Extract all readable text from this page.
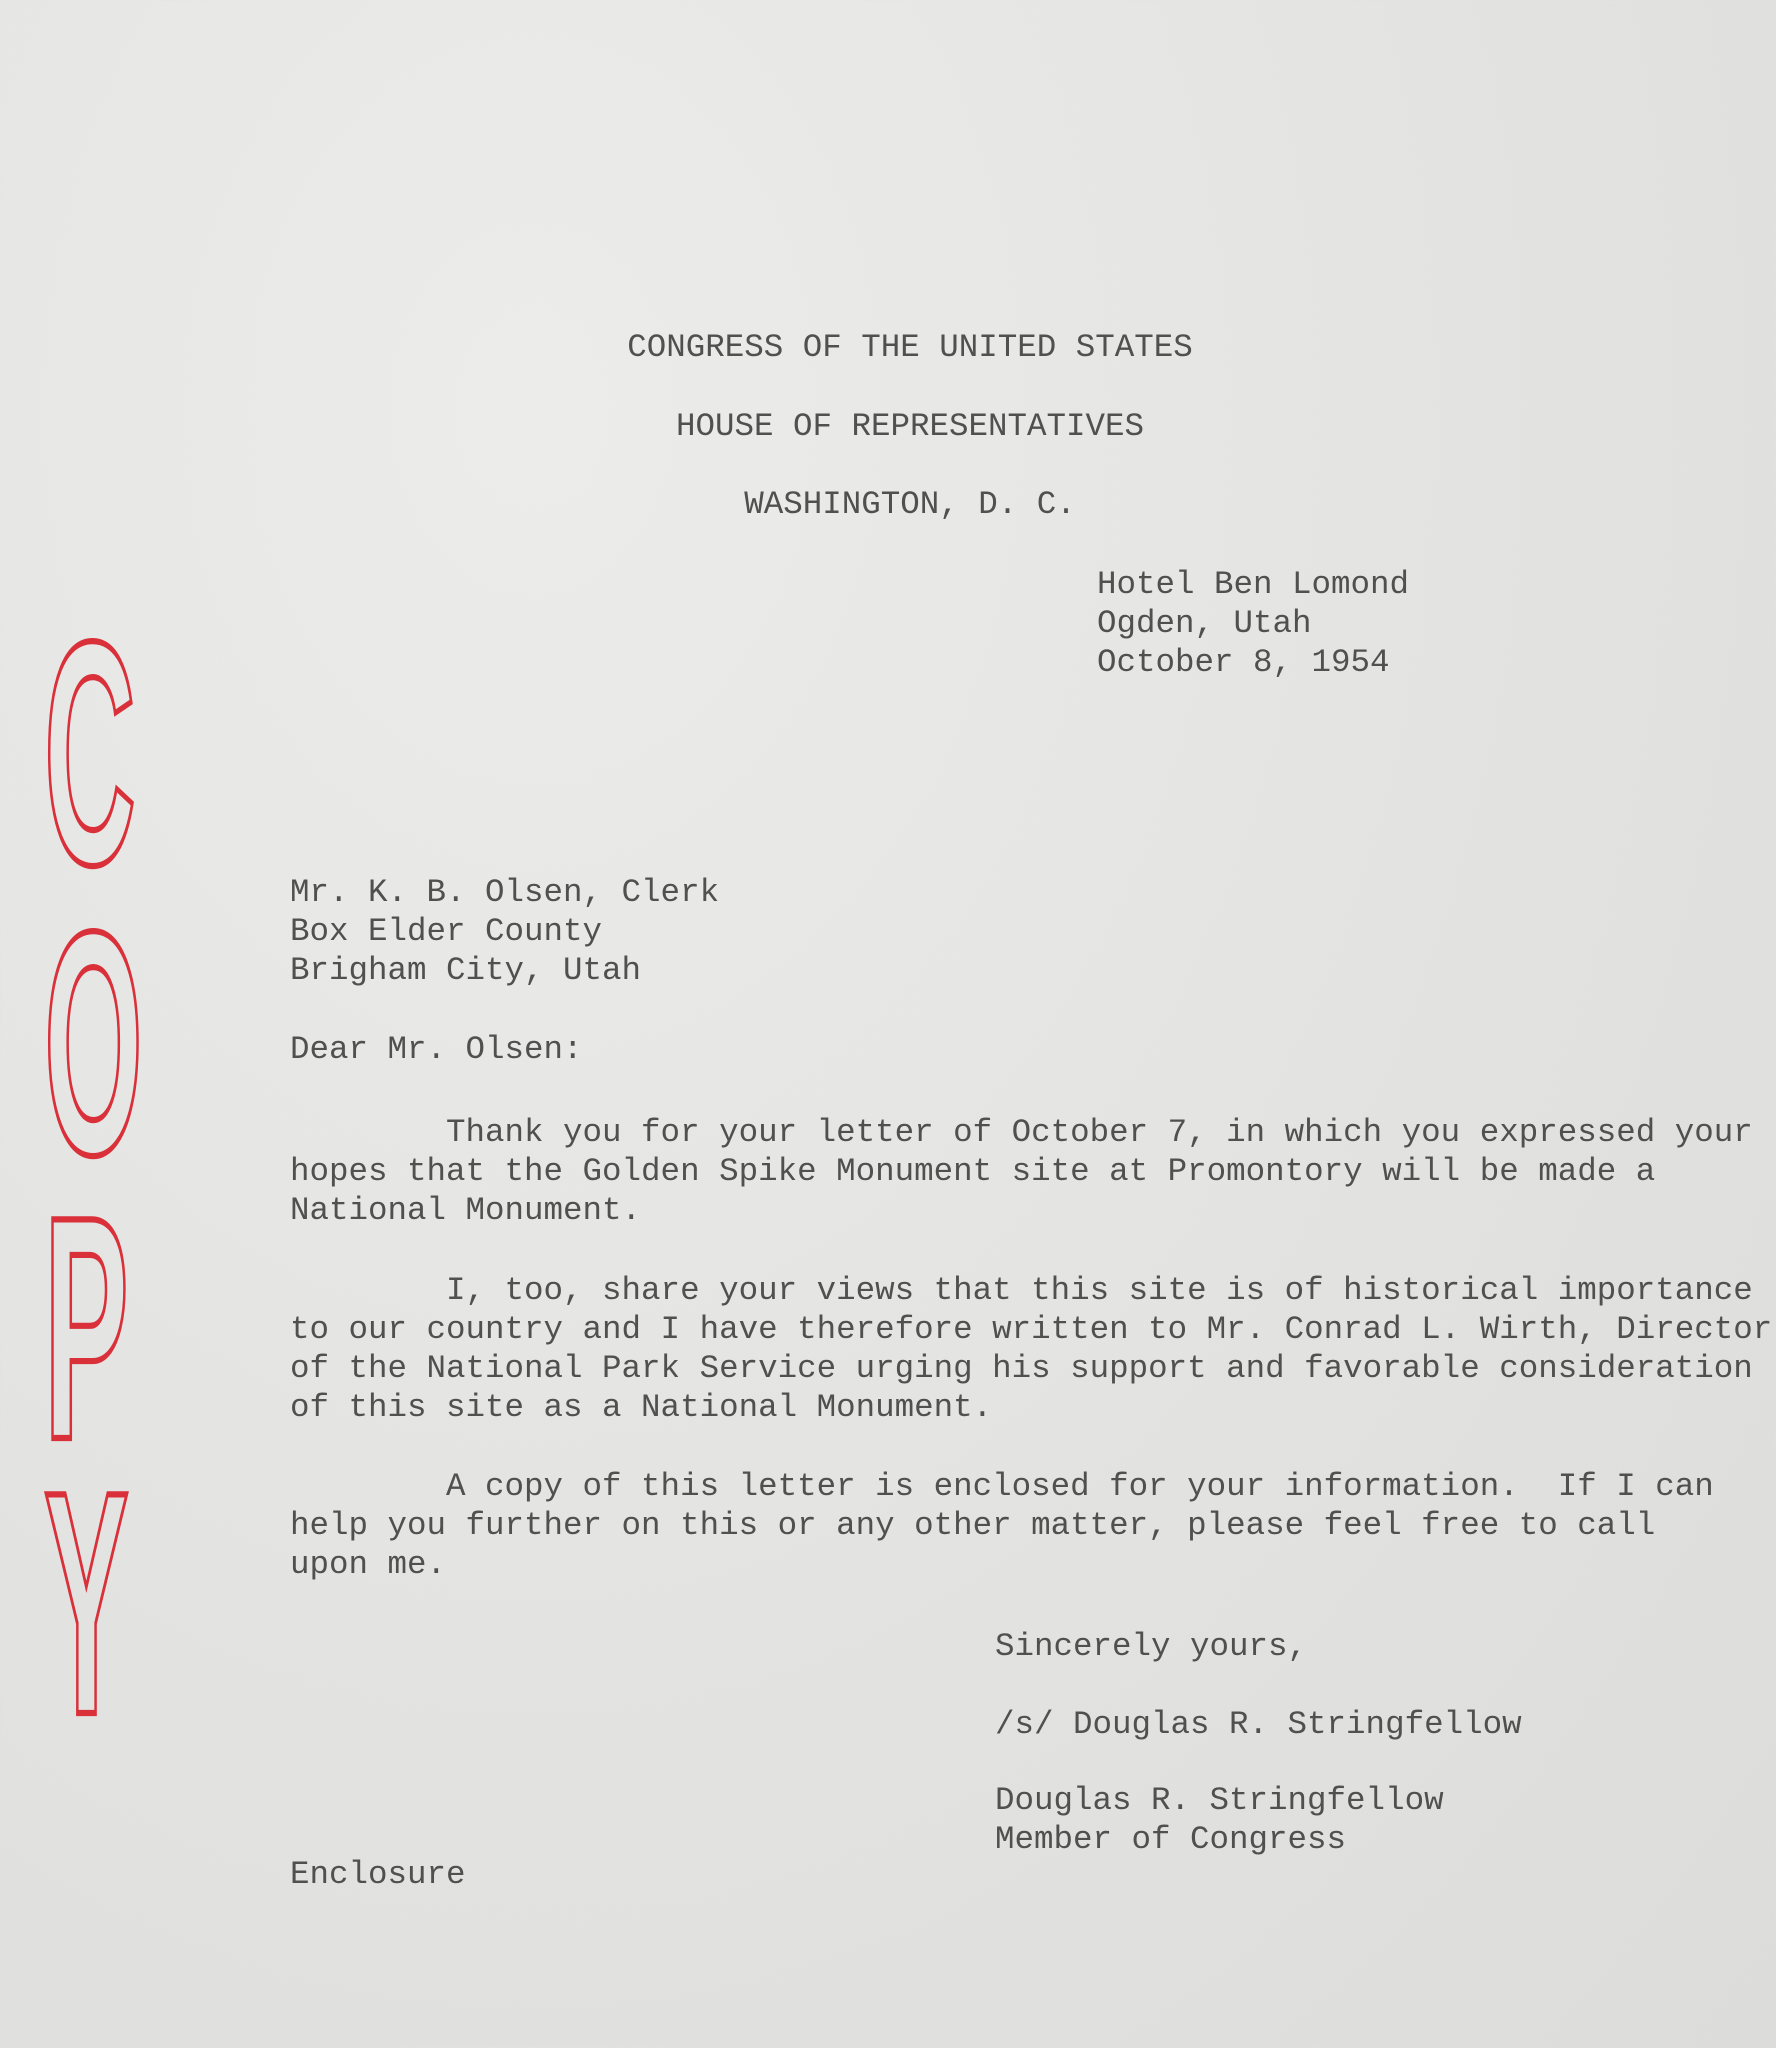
CONGRESS OF THE UNITED STATES
HOUSE OF REPRESENTATIVES
WASHINGTON, D. C.
Hotel Ben Lomond
Ogden, Utah
October 8, 1954
Mr. K. B. Olsen, Clerk
Box Elder County
Brigham City, Utah
Dear Mr. Olsen:
Thank you for your letter of October 7, in which you expressed your
hopes that the Golden Spike Monument site at Promontory will be made a
National Monument.
I, too, share your views that this site is of historical importance
to our country and I have therefore written to Mr. Conrad L. Wirth, Director
of the National Park Service urging his support and favorable consideration
of this site as a National Monument.
A copy of this letter is enclosed for your information.  If I can
help you further on this or any other matter, please feel free to call
upon me.
Sincerely yours,
/s/ Douglas R. Stringfellow
Douglas R. Stringfellow
Member of Congress
Enclosure
C
O
P
Y
